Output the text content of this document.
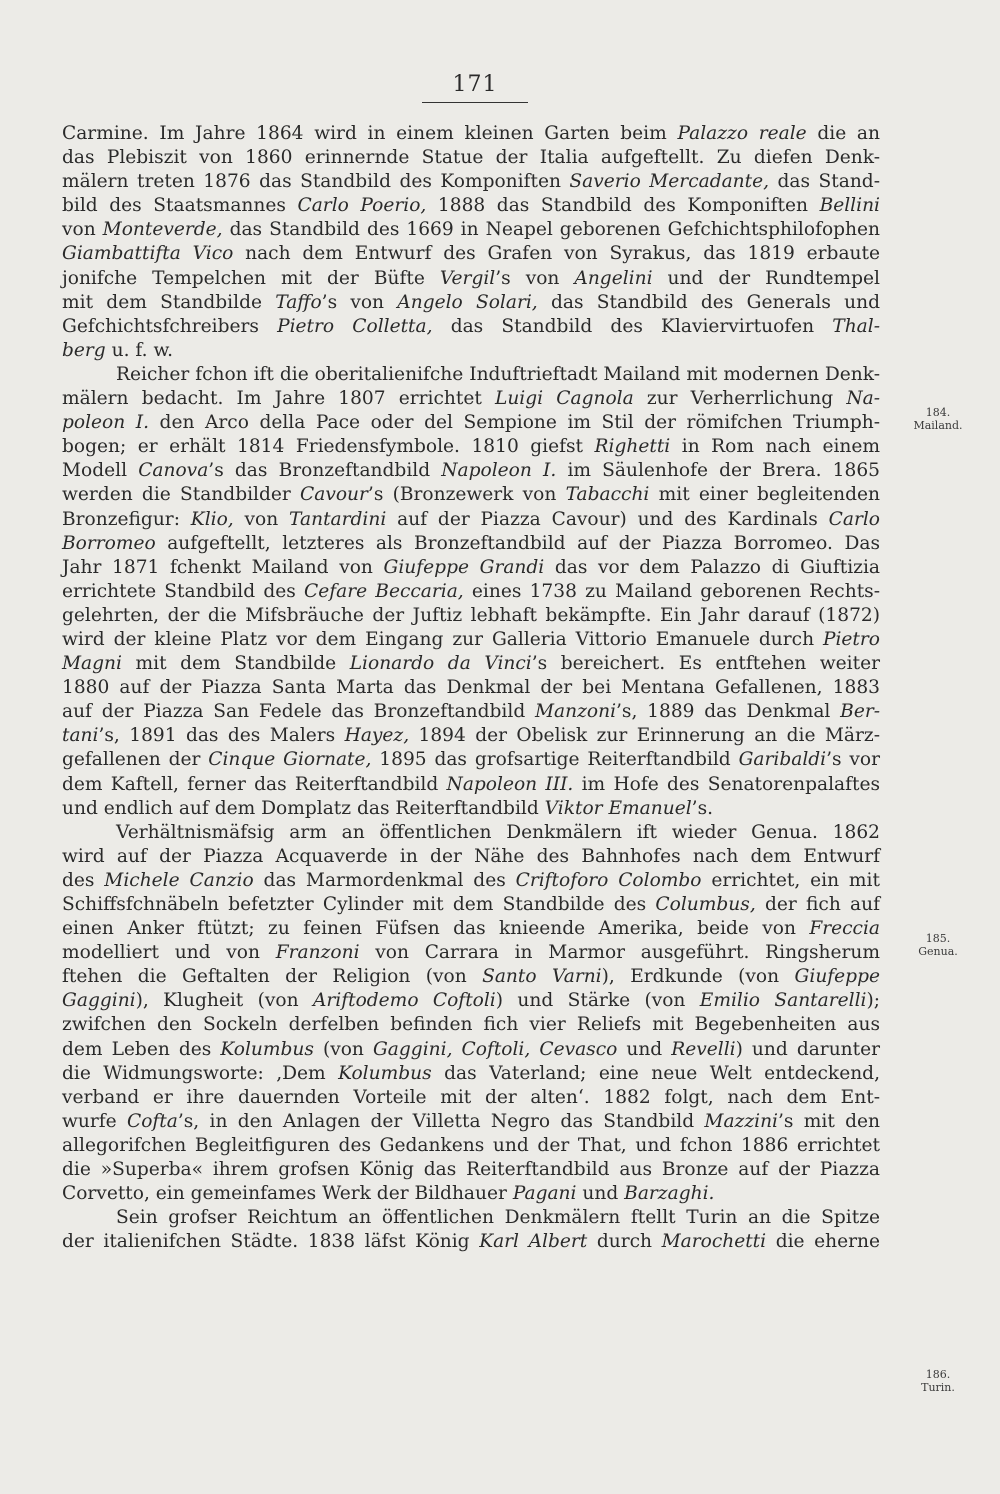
171
Carmine. Im Jahre 1864 wird in einem kleinen Garten beim Palazzo reale die an
das Plebiszit von 1860 erinnernde Statue der Italia aufgeftellt. Zu diefen Denk-
mälern treten 1876 das Standbild des Komponiften Saverio Mercadante, das Stand-
bild des Staatsmannes Carlo Poerio, 1888 das Standbild des Komponiften Bellini
von Monteverde, das Standbild des 1669 in Neapel geborenen Gefchichtsphilofophen
Giambattifta Vico nach dem Entwurf des Grafen von Syrakus, das 1819 erbaute
jonifche Tempelchen mit der Büfte Vergil’s von Angelini und der Rundtempel
mit dem Standbilde Taffo’s von Angelo Solari, das Standbild des Generals und
Gefchichtsfchreibers Pietro Colletta, das Standbild des Klaviervirtuofen Thal-
berg u. f. w.
Reicher fchon ift die oberitalienifche Induftrieftadt Mailand mit modernen Denk-
mälern bedacht. Im Jahre 1807 errichtet Luigi Cagnola zur Verherrlichung Na-
poleon I. den Arco della Pace oder del Sempione im Stil der römifchen Triumph-
bogen; er erhält 1814 Friedensfymbole. 1810 giefst Righetti in Rom nach einem
Modell Canova’s das Bronzeftandbild Napoleon I. im Säulenhofe der Brera. 1865
werden die Standbilder Cavour’s (Bronzewerk von Tabacchi mit einer begleitenden
Bronzefigur: Klio, von Tantardini auf der Piazza Cavour) und des Kardinals Carlo
Borromeo aufgeftellt, letzteres als Bronzeftandbild auf der Piazza Borromeo. Das
Jahr 1871 fchenkt Mailand von Giufeppe Grandi das vor dem Palazzo di Giuftizia
errichtete Standbild des Cefare Beccaria, eines 1738 zu Mailand geborenen Rechts-
gelehrten, der die Mifsbräuche der Juftiz lebhaft bekämpfte. Ein Jahr darauf (1872)
wird der kleine Platz vor dem Eingang zur Galleria Vittorio Emanuele durch Pietro
Magni mit dem Standbilde Lionardo da Vinci’s bereichert. Es entftehen weiter
1880 auf der Piazza Santa Marta das Denkmal der bei Mentana Gefallenen, 1883
auf der Piazza San Fedele das Bronzeftandbild Manzoni’s, 1889 das Denkmal Ber-
tani’s, 1891 das des Malers Hayez, 1894 der Obelisk zur Erinnerung an die März-
gefallenen der Cinque Giornate, 1895 das grofsartige Reiterftandbild Garibaldi’s vor
dem Kaftell, ferner das Reiterftandbild Napoleon III. im Hofe des Senatorenpalaftes
und endlich auf dem Domplatz das Reiterftandbild Viktor Emanuel’s.
Verhältnismäfsig arm an öffentlichen Denkmälern ift wieder Genua. 1862
wird auf der Piazza Acquaverde in der Nähe des Bahnhofes nach dem Entwurf
des Michele Canzio das Marmordenkmal des Criftoforo Colombo errichtet, ein mit
Schiffsfchnäbeln befetzter Cylinder mit dem Standbilde des Columbus, der fich auf
einen Anker ftützt; zu feinen Füfsen das knieende Amerika, beide von Freccia
modelliert und von Franzoni von Carrara in Marmor ausgeführt. Ringsherum
ftehen die Geftalten der Religion (von Santo Varni), Erdkunde (von Giufeppe
Gaggini), Klugheit (von Ariftodemo Coftoli) und Stärke (von Emilio Santarelli);
zwifchen den Sockeln derfelben befinden fich vier Reliefs mit Begebenheiten aus
dem Leben des Kolumbus (von Gaggini, Coftoli, Cevasco und Revelli) und darunter
die Widmungsworte: ‚Dem Kolumbus das Vaterland; eine neue Welt entdeckend,
verband er ihre dauernden Vorteile mit der alten‘. 1882 folgt, nach dem Ent-
wurfe Cofta’s, in den Anlagen der Villetta Negro das Standbild Mazzini’s mit den
allegorifchen Begleitfiguren des Gedankens und der That, und fchon 1886 errichtet
die »Superba« ihrem grofsen König das Reiterftandbild aus Bronze auf der Piazza
Corvetto, ein gemeinfames Werk der Bildhauer Pagani und Barzaghi.
Sein grofser Reichtum an öffentlichen Denkmälern ftellt Turin an die Spitze
der italienifchen Städte. 1838 läfst König Karl Albert durch Marochetti die eherne
184.
Mailand.
185.
Genua.
186.
Turin.
